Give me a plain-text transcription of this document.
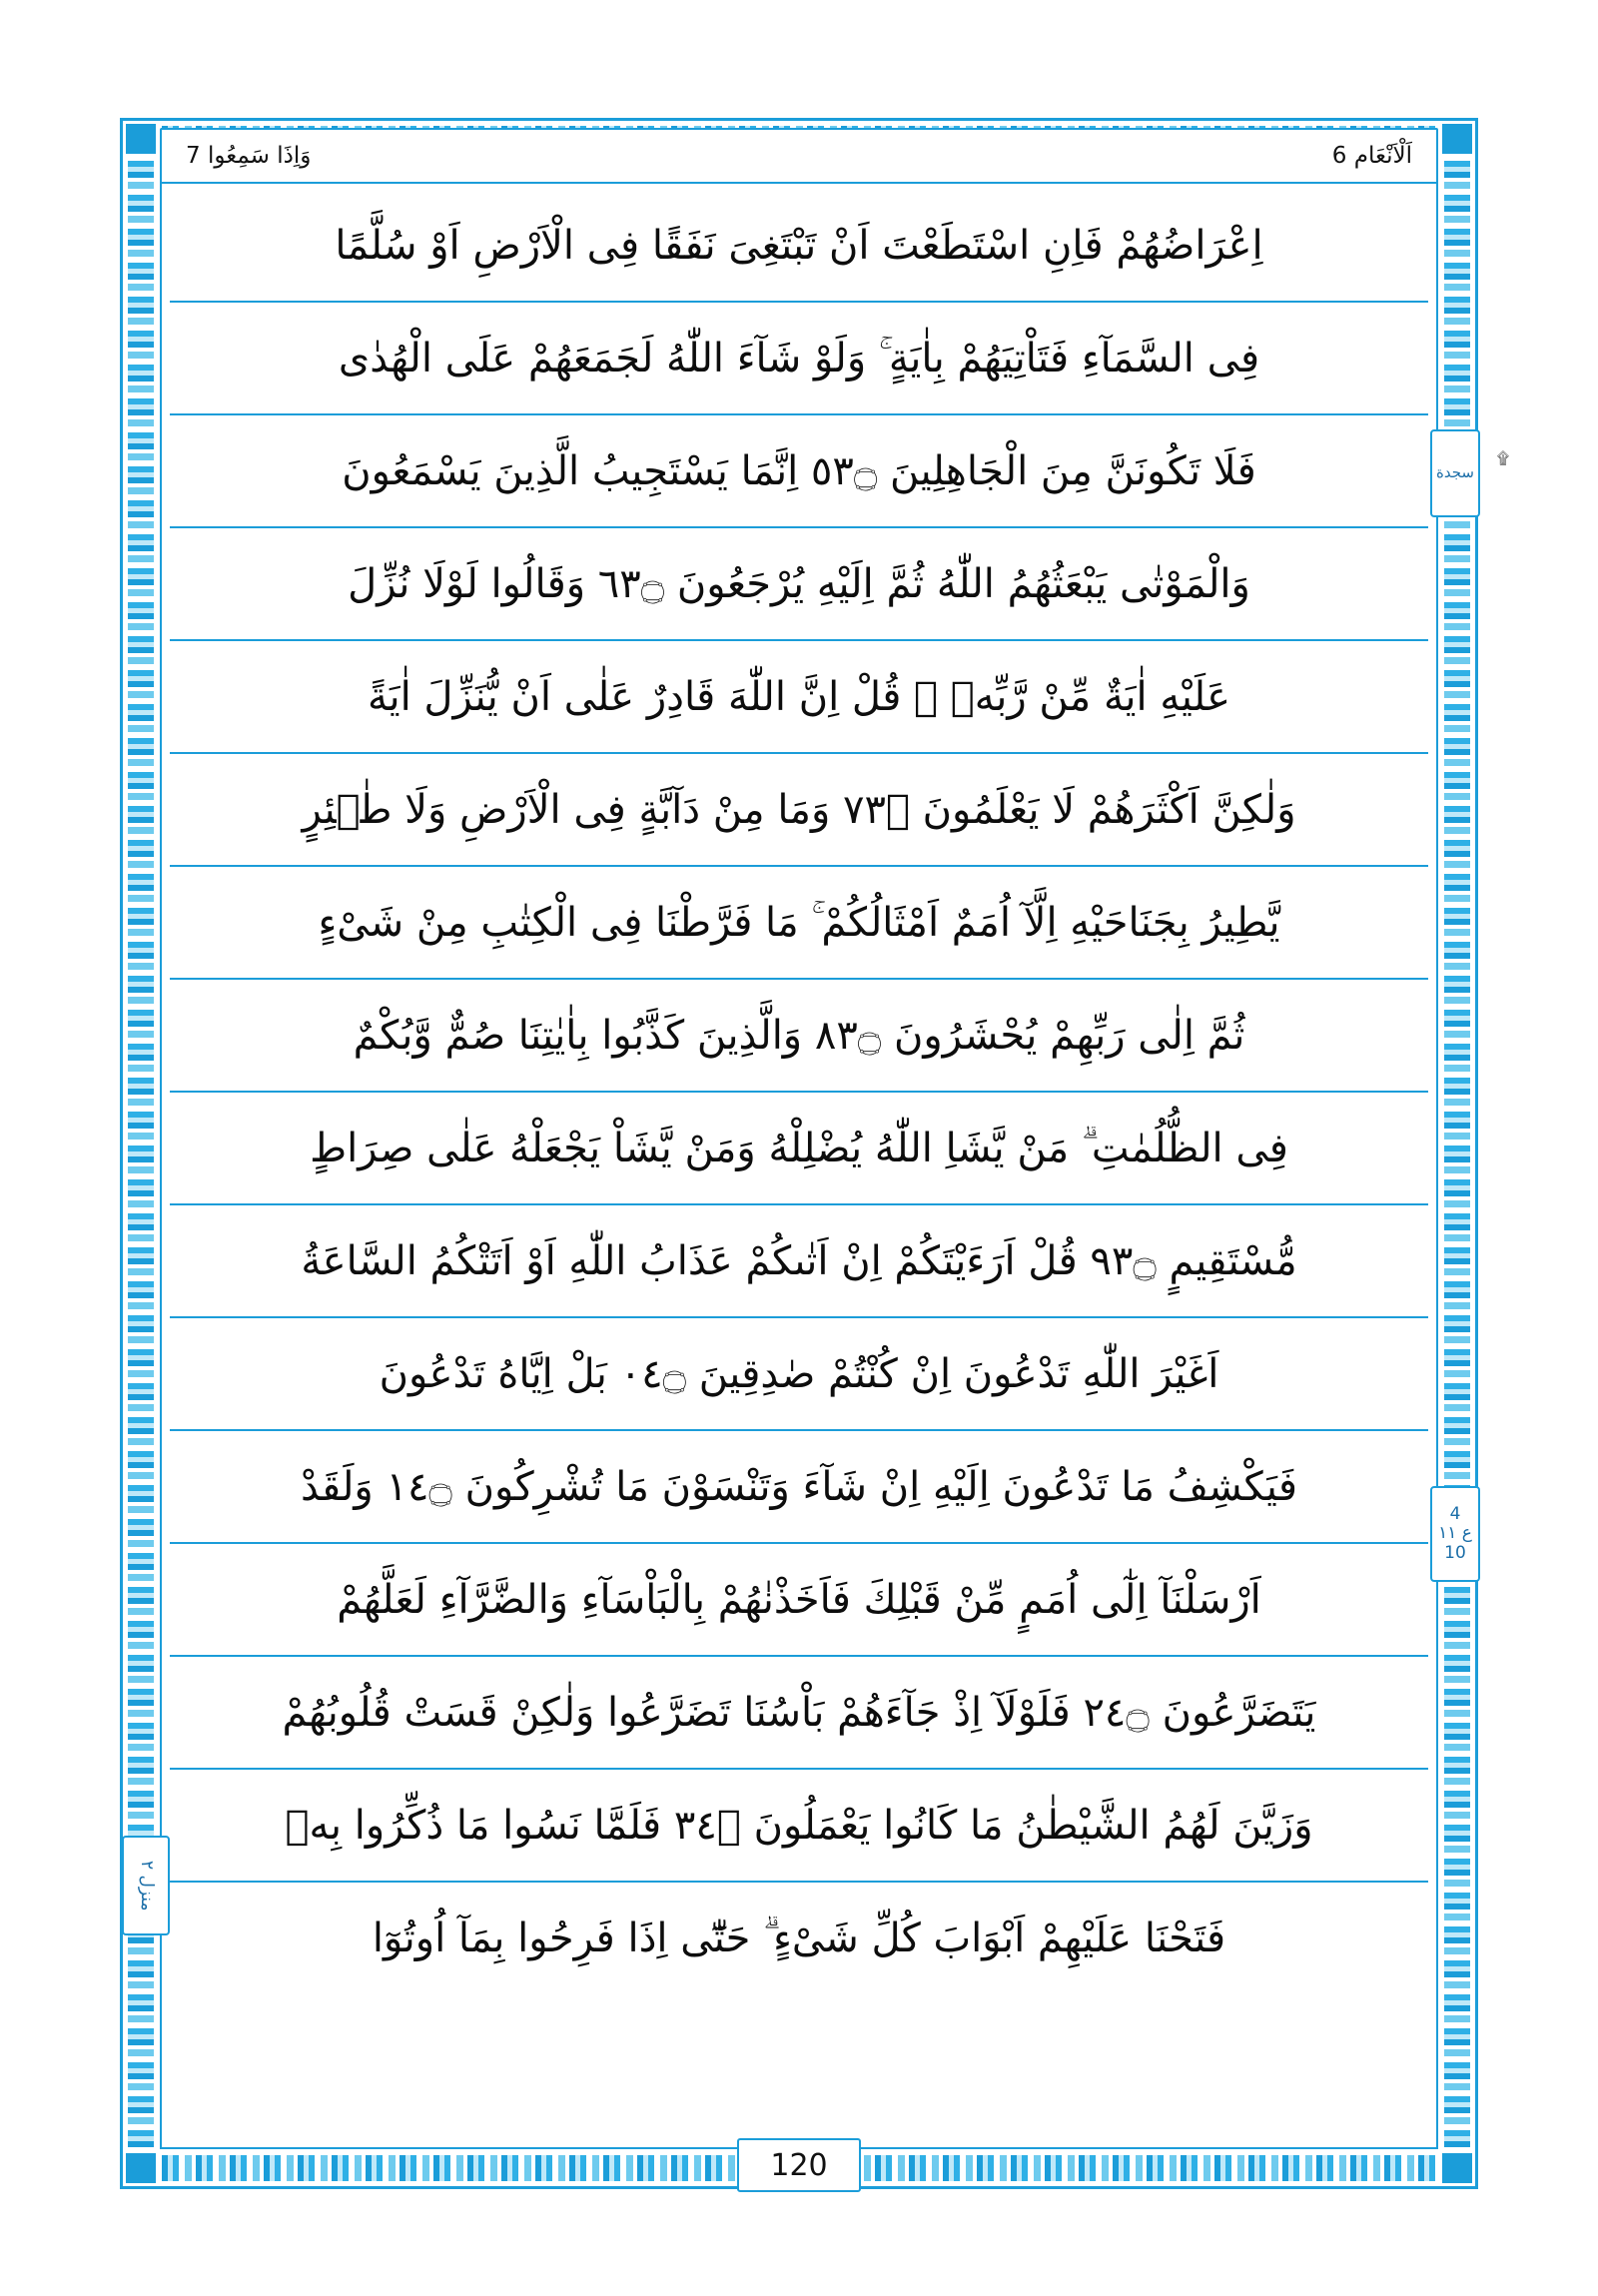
وَاِذَا سَمِعُوا 7	اَلْاَنْعَام 6
اِعْرَاضُهُمْ فَاِنِ اسْتَطَعْتَ اَنْ تَبْتَغِىَ نَفَقًا فِى الْاَرْضِ اَوْ سُلَّمًا
فِى السَّمَآءِ فَتَاْتِيَهُمْ بِاٰيَةٍ ۚ وَلَوْ شَآءَ اللّٰهُ لَجَمَعَهُمْ عَلَى الْهُدٰى
فَلَا تَكُونَنَّ مِنَ الْجَاهِلِينَ ۝٣٥ اِنَّمَا يَسْتَجِيبُ الَّذِينَ يَسْمَعُونَ
وَالْمَوْتٰى يَبْعَثُهُمُ اللّٰهُ ثُمَّ اِلَيْهِ يُرْجَعُونَ ۝٣٦ وَقَالُوا لَوْلَا نُزِّلَ
عَلَيْهِ اٰيَةٌ مِّنْ رَّبِّهٖ ۚ قُلْ اِنَّ اللّٰهَ قَادِرٌ عَلٰى اَنْ يُّنَزِّلَ اٰيَةً
وَلٰكِنَّ اَكْثَرَهُمْ لَا يَعْلَمُونَ ۝٣٧ وَمَا مِنْ دَآبَّةٍ فِى الْاَرْضِ وَلَا طٰۤئِرٍ
يَّطِيرُ بِجَنَاحَيْهِ اِلَّآ اُمَمٌ اَمْثَالُكُمْ ۚ مَا فَرَّطْنَا فِى الْكِتٰبِ مِنْ شَىْءٍ
ثُمَّ اِلٰى رَبِّهِمْ يُحْشَرُونَ ۝٣٨ وَالَّذِينَ كَذَّبُوا بِاٰيٰتِنَا صُمٌّ وَّبُكْمٌ
فِى الظُّلُمٰتِ ۗ مَنْ يَّشَاِ اللّٰهُ يُضْلِلْهُ وَمَنْ يَّشَاْ يَجْعَلْهُ عَلٰى صِرَاطٍ
مُّسْتَقِيمٍ ۝٣٩ قُلْ اَرَءَيْتَكُمْ اِنْ اَتٰىكُمْ عَذَابُ اللّٰهِ اَوْ اَتَتْكُمُ السَّاعَةُ
اَغَيْرَ اللّٰهِ تَدْعُونَ اِنْ كُنْتُمْ صٰدِقِينَ ۝٤٠ بَلْ اِيَّاهُ تَدْعُونَ
فَيَكْشِفُ مَا تَدْعُونَ اِلَيْهِ اِنْ شَآءَ وَتَنْسَوْنَ مَا تُشْرِكُونَ ۝٤١ وَلَقَدْ
اَرْسَلْنَآ اِلٰٓى اُمَمٍ مِّنْ قَبْلِكَ فَاَخَذْنٰهُمْ بِالْبَاْسَآءِ وَالضَّرَّآءِ لَعَلَّهُمْ
يَتَضَرَّعُونَ ۝٤٢ فَلَوْلَآ اِذْ جَآءَهُمْ بَاْسُنَا تَضَرَّعُوا وَلٰكِنْ قَسَتْ قُلُوبُهُمْ
وَزَيَّنَ لَهُمُ الشَّيْطٰنُ مَا كَانُوا يَعْمَلُونَ ۝٤٣ فَلَمَّا نَسُوا مَا ذُكِّرُوا بِهٖ
فَتَحْنَا عَلَيْهِمْ اَبْوَابَ كُلِّ شَىْءٍ ۗ حَتّٰٓى اِذَا فَرِحُوا بِمَآ اُوتُوٓا
سجدة
۩
4
ع ١١
10
منزل ٢
120
